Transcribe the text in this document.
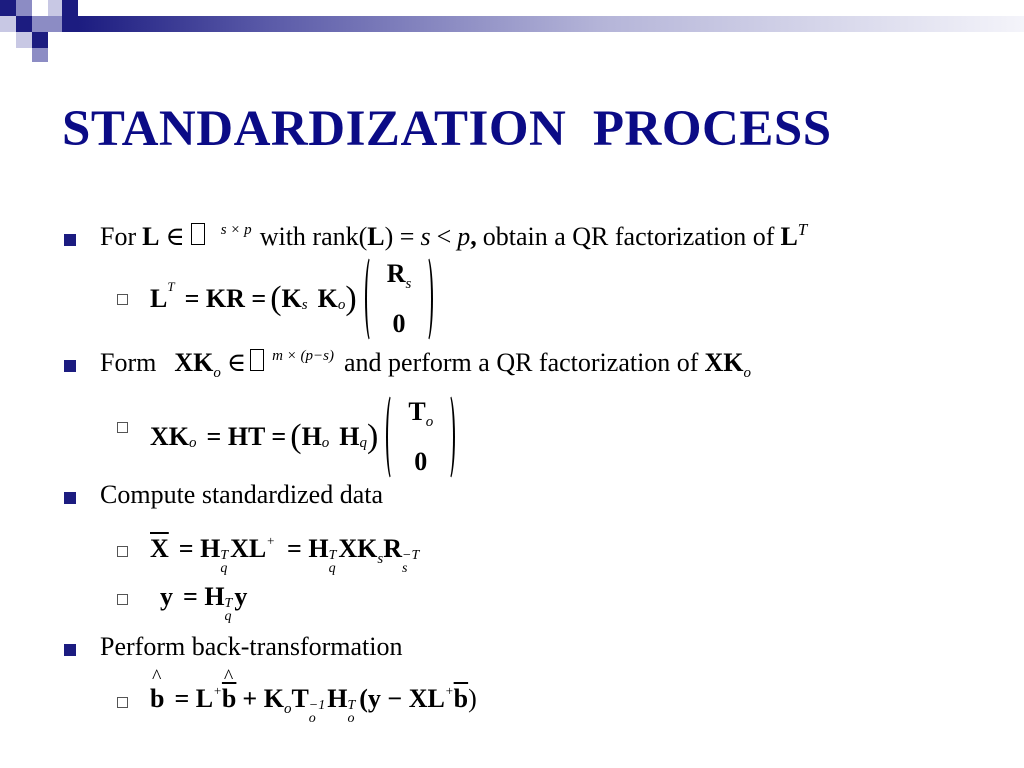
STANDARDIZATION  PROCESS
For L ∈ s × p with rank( L ) = s < p , obtain a QR factorization of L T
L T = KR = ( K s K o )
$R_s$
0
Form XK o ∈ m × (p−s) and perform a QR factorization of XK o
XK o = HT = ( H o H q )
$T_o$
0
Compute standardized data
$\overline{X} = H$ T
q
XL + = H T
q
XK s R −T
s
y = H T
q
y
Perform back-transformation
^ b = L + ^ $\overline{b} + K$ o T −1
o
H T
o
(y − XL + $\overline{b}$ )
